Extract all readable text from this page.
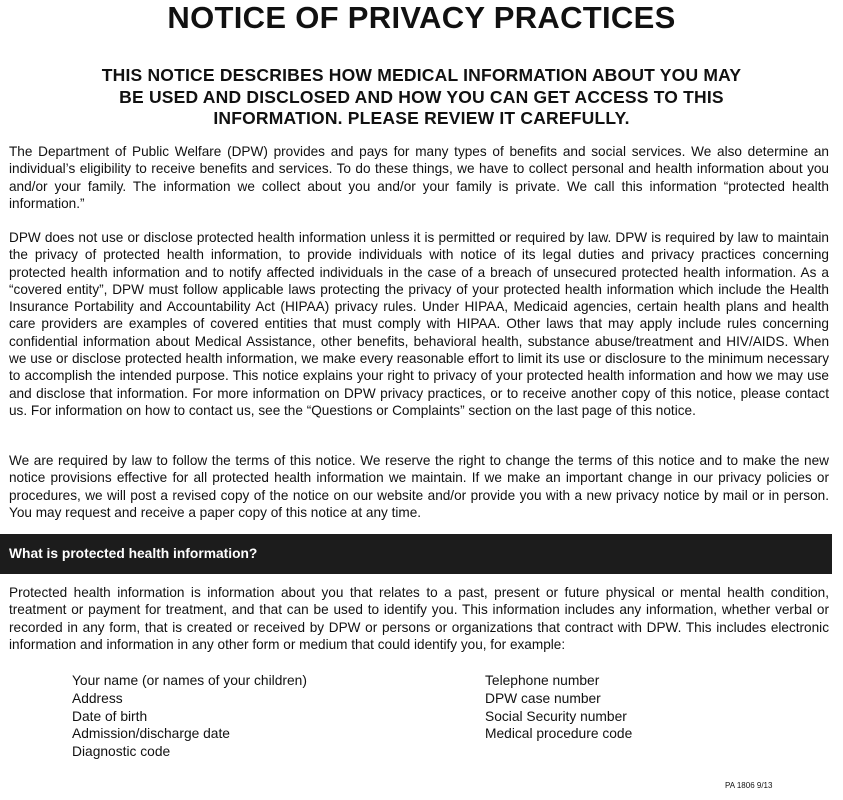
NOTICE OF PRIVACY PRACTICES
THIS NOTICE DESCRIBES HOW MEDICAL INFORMATION ABOUT YOU MAY
BE USED AND DISCLOSED AND HOW YOU CAN GET ACCESS TO THIS
INFORMATION. PLEASE REVIEW IT CAREFULLY.

The Department of Public Welfare (DPW) provides and pays for many types of benefits and social services. We also determine an individual’s eligibility to receive benefits and services. To do these things, we have to collect personal and health information about you and/or your family. The information we collect about you and/or your family is private. We call this information “protected health information.”

DPW does not use or disclose protected health information unless it is permitted or required by law. DPW is required by law to maintain the privacy of protected health information, to provide individuals with notice of its legal duties and privacy practices concerning protected health information and to notify affected individuals in the case of a breach of unsecured protected health information. As a “covered entity”, DPW must follow applicable laws protecting the privacy of your protected health information which include the Health Insurance Portability and Accountability Act (HIPAA) privacy rules. Under HIPAA, Medicaid agencies, certain health plans and health care providers are examples of covered entities that must comply with HIPAA. Other laws that may apply include rules concerning confidential information about Medical Assistance, other benefits, behavioral health, substance abuse/treatment and HIV/AIDS. When we use or disclose protected health information, we make every reasonable effort to limit its use or disclosure to the minimum necessary to accomplish the intended purpose. This notice explains your right to privacy of your protected health information and how we may use and disclose that information. For more information on DPW privacy practices, or to receive another copy of this notice, please contact us. For information on how to contact us, see the “Questions or Complaints” section on the last page of this notice.

We are required by law to follow the terms of this notice. We reserve the right to change the terms of this notice and to make the new notice provisions effective for all protected health information we maintain. If we make an important change in our privacy policies or procedures, we will post a revised copy of the notice on our website and/or provide you with a new privacy notice by mail or in person. You may request and receive a paper copy of this notice at any time.

What is protected health information?

Protected health information is information about you that relates to a past, present or future physical or mental health condition, treatment or payment for treatment, and that can be used to identify you. This information includes any information, whether verbal or recorded in any form, that is created or received by DPW or persons or organizations that contract with DPW. This includes electronic information and information in any other form or medium that could identify you, for example:

Your name (or names of your children)
Address
Date of birth
Admission/discharge date
Diagnostic code
Telephone number
DPW case number
Social Security number
Medical procedure code
PA 1806 9/13
